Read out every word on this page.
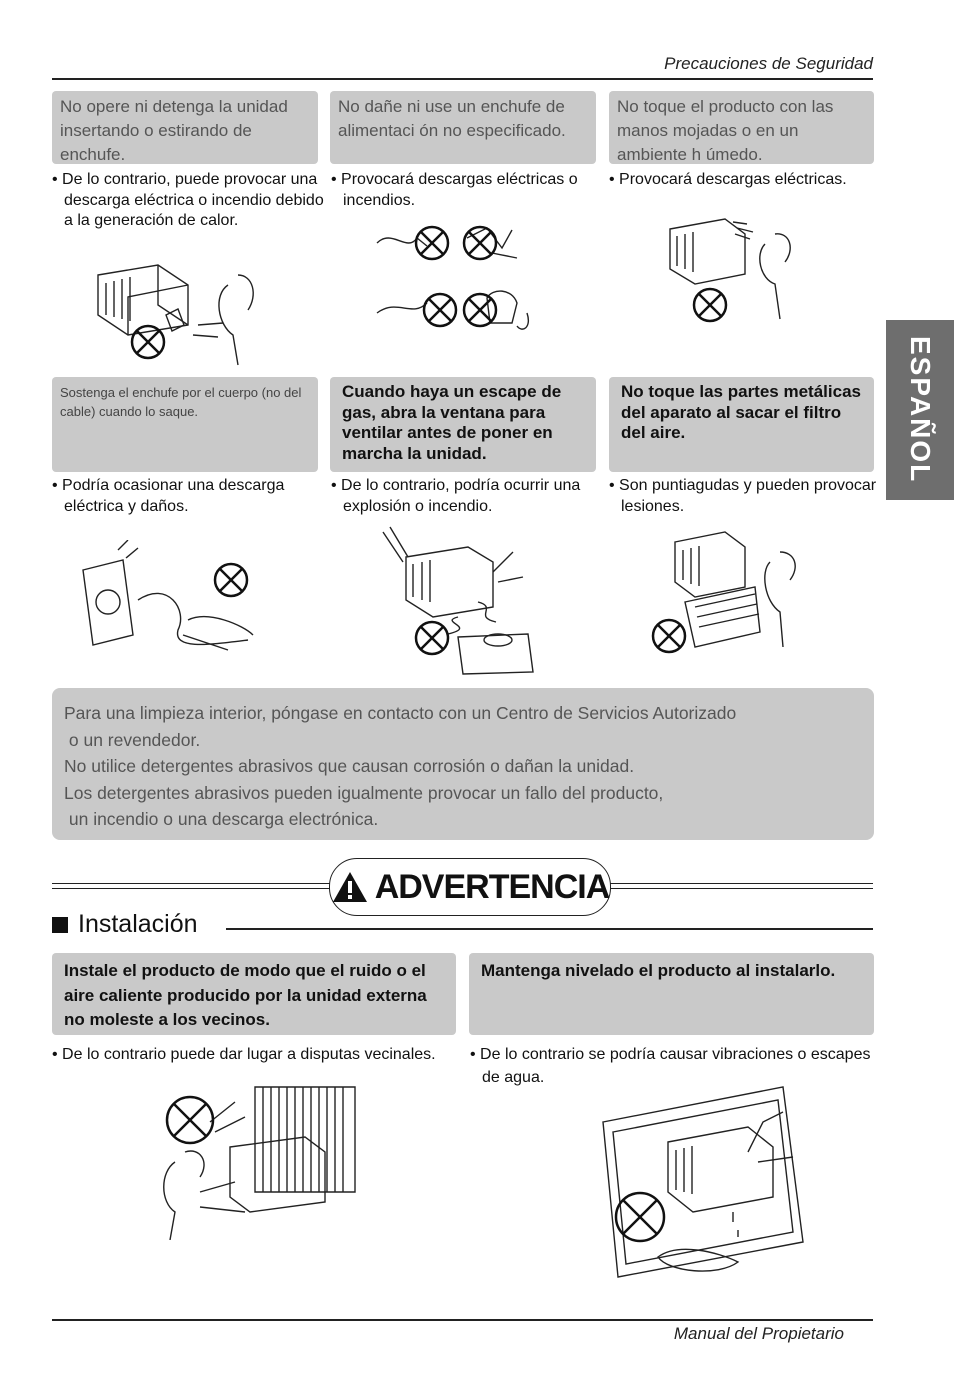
Precauciones de Seguridad
ESPAÑOL
No opere ni detenga la unidad insertando o estirando de enchufe.
No dañe ni use un enchufe de alimentaci ón no especificado.
No toque el producto con las manos mojadas o en un ambiente h úmedo.
• De lo contrario, puede provocar una descarga eléctrica o incendio debido a la generación de calor.
• Provocará descargas eléctricas o incendios.
• Provocará descargas eléctricas.
Sostenga el enchufe por el cuerpo (no del cable) cuando lo saque.
Cuando haya un escape de gas, abra la ventana para ventilar antes de poner en marcha la unidad.
No toque las partes metálicas del aparato al sacar el filtro del aire.
• Podría ocasionar una descarga eléctrica y daños.
• De lo contrario, podría ocurrir una explosión o incendio.
• Son puntiagudas y pueden provocar lesiones.

Para una limpieza interior, póngase en contacto con un Centro de Servicios Autorizado

o un revendedor.

No utilice detergentes abrasivos que causan corrosión o dañan la unidad.

Los detergentes abrasivos pueden igualmente provocar un fallo del producto,

un incendio o una descarga electrónica.

ADVERTENCIA
Instalación
Instale el producto de modo que el ruido o el aire caliente producido por la unidad externa no moleste a los vecinos.
Mantenga nivelado el producto al instalarlo.
• De lo contrario puede dar lugar a disputas vecinales.	• De lo contrario se podría causar vibraciones o escapes de agua.
Manual del Propietario
